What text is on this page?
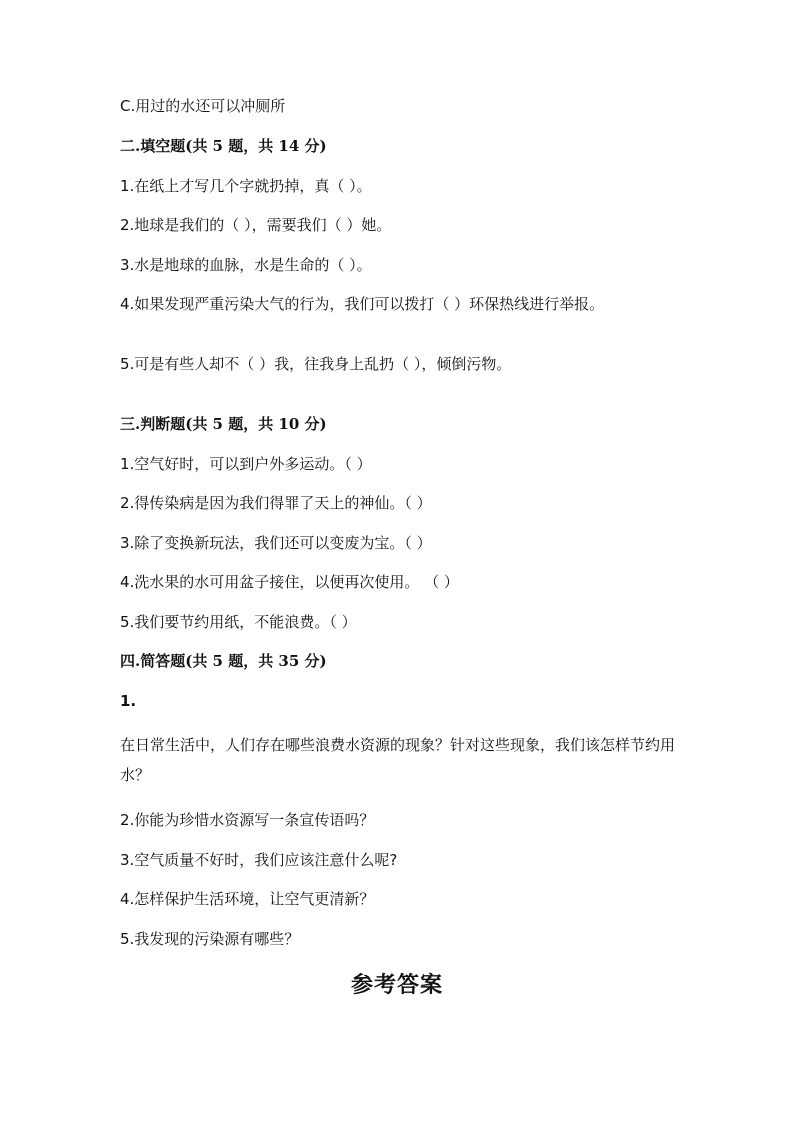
C.用过的水还可以冲厕所
二.填空题(共 5 题，共 14 分)
1.在纸上才写几个字就扔掉，真（ ）。
2.地球是我们的（ ），需要我们（ ）她。
3.水是地球的血脉，水是生命的（ ）。
4.如果发现严重污染大气的行为，我们可以拨打（ ）环保热线进行举报。
5.可是有些人却不（ ）我，往我身上乱扔（ ），倾倒污物。
三.判断题(共 5 题，共 10 分)
1.空气好时，可以到户外多运动。（ ）
2.得传染病是因为我们得罪了天上的神仙。（ ）
3.除了变换新玩法，我们还可以变废为宝。（ ）
4.洗水果的水可用盆子接住，以便再次使用。 （ ）
5.我们要节约用纸，不能浪费。（ ）
四.简答题(共 5 题，共 35 分)
1.
在日常生活中，人们存在哪些浪费水资源的现象？针对这些现象，我们该怎样节约用水？
2.你能为珍惜水资源写一条宣传语吗？
3.空气质量不好时，我们应该注意什么呢?
4.怎样保护生活环境，让空气更清新？
5.我发现的污染源有哪些？
参考答案
